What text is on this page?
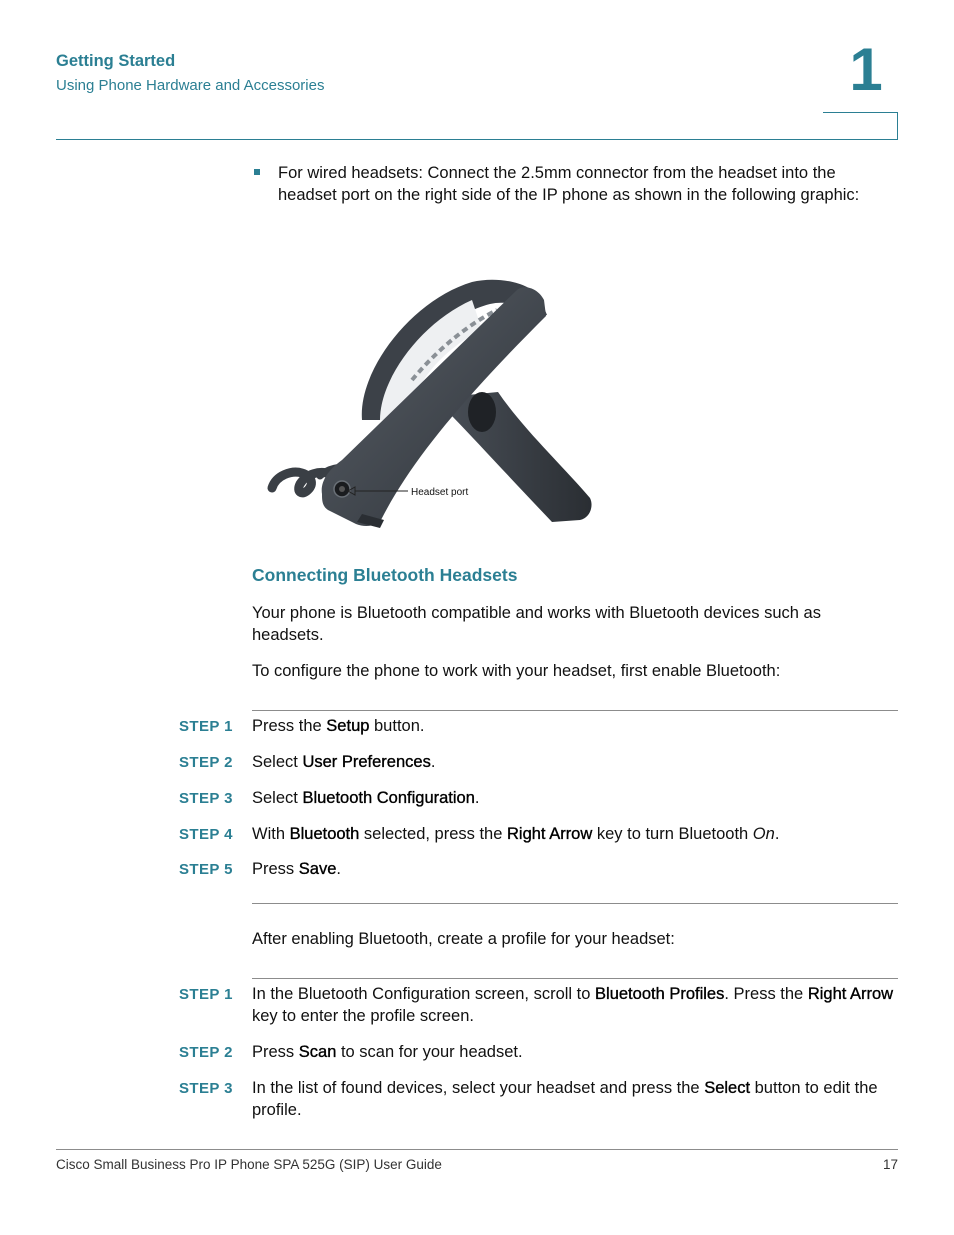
Getting Started
Using Phone Hardware and Accessories	1
For wired headsets: Connect the 2.5mm connector from the headset into the headset port on the right side of the IP phone as shown in the following graphic:
Headset port
Connecting Bluetooth Headsets
Your phone is Bluetooth compatible and works with Bluetooth devices such as headsets.
To configure the phone to work with your headset, first enable Bluetooth:
STEP 1 Press the Setup button.
STEP 2 Select User Preferences.
STEP 3 Select Bluetooth Configuration.
STEP 4 With Bluetooth selected, press the Right Arrow key to turn Bluetooth On.
STEP 5 Press Save.
After enabling Bluetooth, create a profile for your headset:
STEP 1 In the Bluetooth Configuration screen, scroll to Bluetooth Profiles. Press the Right Arrow key to enter the profile screen.
STEP 2 Press Scan to scan for your headset.
STEP 3 In the list of found devices, select your headset and press the Select button to edit the profile.
Cisco Small Business Pro IP Phone SPA 525G (SIP) User Guide	17
